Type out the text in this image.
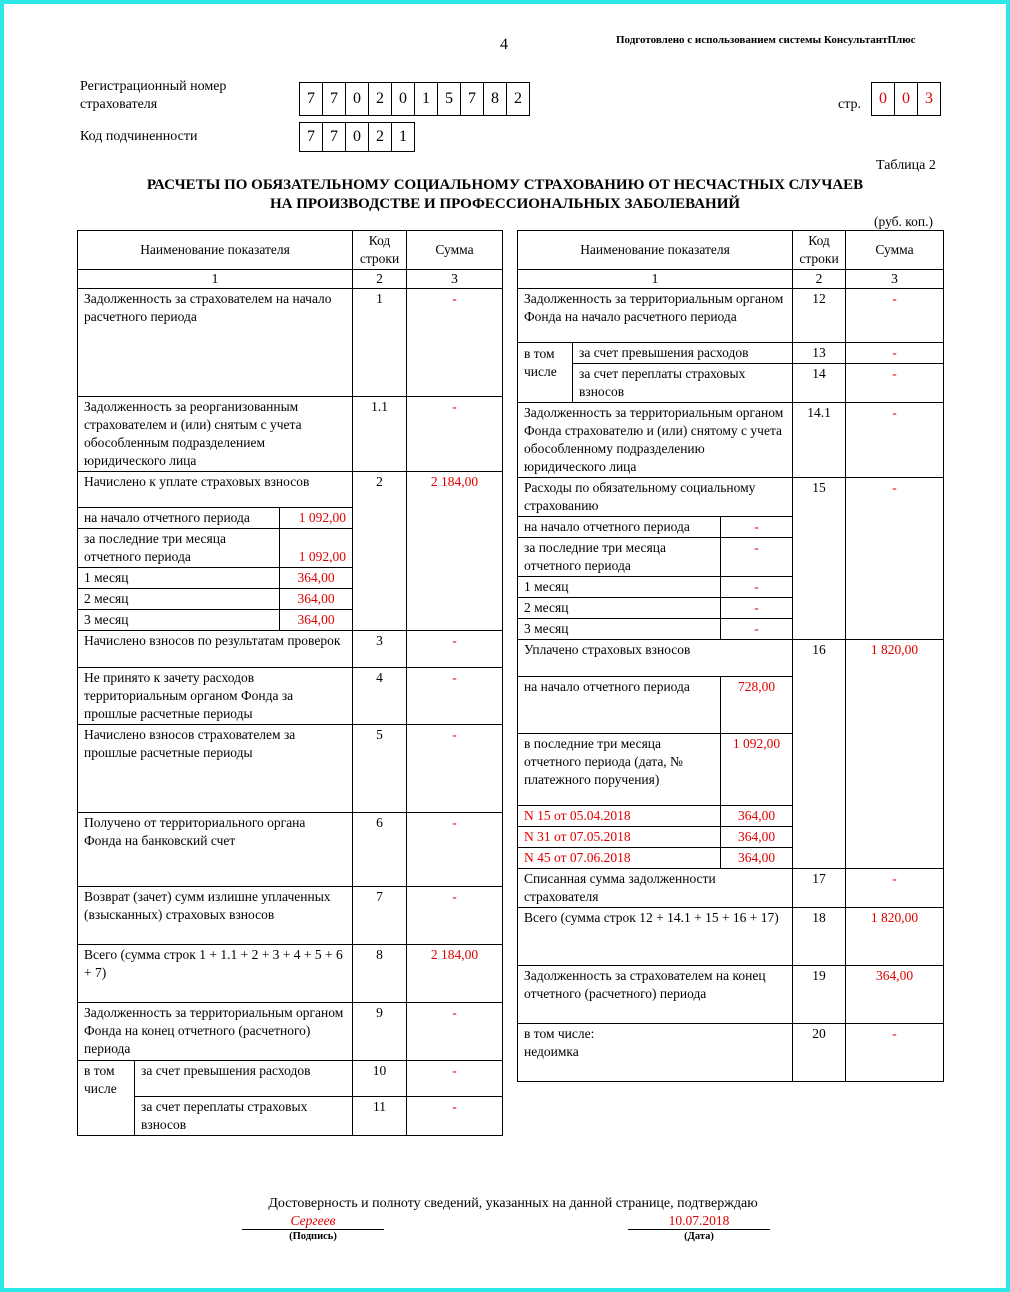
4	Подготовлено с использованием системы КонсультантПлюс
Регистрационный номер
страхователя	7 7 0 2 0 1 5 7 8 2	стр.	0 0 3
Код подчиненности	7 7 0 2 1
Таблица 2
РАСЧЕТЫ ПО ОБЯЗАТЕЛЬНОМУ СОЦИАЛЬНОМУ СТРАХОВАНИЮ ОТ НЕСЧАСТНЫХ СЛУЧАЕВ
НА ПРОИЗВОДСТВЕ И ПРОФЕССИОНАЛЬНЫХ ЗАБОЛЕВАНИЙ
(руб. коп.)
Наименование показателя			Код
строки	Сумма
1			2	3
Задолженность за страхователем на начало расчетного периода			1	-
Задолженность за реорганизованным страхователем и (или) снятым с учета обособленным подразделением юридического лица			1.1	-
Начислено к уплате страховых взносов			2	2 184,00
на начало отчетного периода		1 092,00		
за последние три месяца отчетного периода		1 092,00		
1 месяц		364,00		
2 месяц		364,00		
3 месяц		364,00		
Начислено взносов по результатам проверок			3	-
Не принято к зачету расходов территориальным органом Фонда за прошлые расчетные периоды			4	-
Начислено взносов страхователем за прошлые расчетные периоды			5	-
Получено от территориального органа Фонда на банковский счет			6	-
Возврат (зачет) сумм излишне уплаченных (взысканных) страховых взносов			7	-
Всего (сумма строк 1 + 1.1 + 2 + 3 + 4 + 5 + 6 + 7)			8	2 184,00
Задолженность за территориальным органом Фонда на конец отчетного (расчетного) периода			9	-
в том числе	за счет превышения расходов		10	-
	за счет переплаты страховых взносов		11	-
Наименование показателя			Код
строки	Сумма
1			2	3
Задолженность за территориальным органом Фонда на начало расчетного периода			12	-
в том числе	за счет превышения расходов		13	-
	за счет переплаты страховых взносов		14	-
Задолженность за территориальным органом Фонда страхователю и (или) снятому с учета обособленному подразделению юридического лица			14.1	-
Расходы по обязательному социальному страхованию			15	-
на начало отчетного периода		-		
за последние три месяца отчетного периода		-		
1 месяц		-		
2 месяц		-		
3 месяц		-		
Уплачено страховых взносов			16	1 820,00
на начало отчетного периода		728,00		
в последние три месяца отчетного периода (дата, № платежного поручения)		1 092,00		
N 15 от 05.04.2018		364,00		
N 31 от 07.05.2018		364,00		
N 45 от 07.06.2018		364,00		
Списанная сумма задолженности страхователя			17	-
Всего (сумма строк 12 + 14.1 + 15 + 16 + 17)			18	1 820,00
Задолженность за страхователем на конец отчетного (расчетного) периода			19	364,00

в том числе:
недоимка			20	-
Достоверность и полноту сведений, указанных на данной странице, подтверждаю
Сергеев
(Подпись)
10.07.2018
(Дата)
